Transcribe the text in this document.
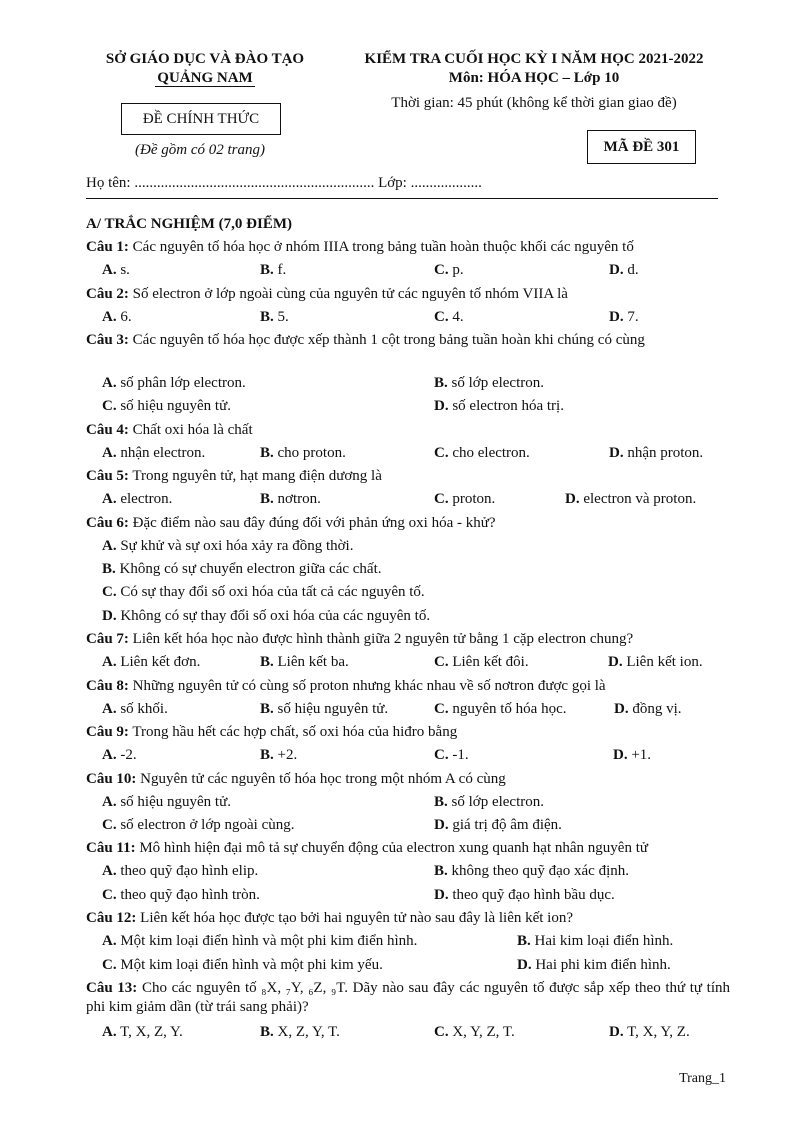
SỞ GIÁO DỤC VÀ ĐÀO TẠO
QUẢNG NAM
KIỂM TRA CUỐI HỌC KỲ I NĂM HỌC 2021-2022
Môn: HÓA HỌC – Lớp 10
Thời gian: 45 phút (không kể thời gian giao đề)
ĐỀ CHÍNH THỨC
(Đề gồm có 02 trang)	MÃ ĐỀ 301
Họ tên: ................................................................ Lớp: ...................
A/ TRẮC NGHIỆM (7,0 ĐIỂM)
Câu 1: Các nguyên tố hóa học ở nhóm IIIA trong bảng tuần hoàn thuộc khối các nguyên tố
A. s.	B. f.	C. p.	D. d.
Câu 2: Số electron ở lớp ngoài cùng của nguyên tử các nguyên tố nhóm VIIA là
A. 6.	B. 5.	C. 4.	D. 7.
Câu 3: Các nguyên tố hóa học được xếp thành 1 cột trong bảng tuần hoàn khi chúng có cùng
A. số phân lớp electron.	B. số lớp electron.
C. số hiệu nguyên tử.	D. số electron hóa trị.
Câu 4: Chất oxi hóa là chất
A. nhận electron.	B. cho proton.	C. cho electron.	D. nhận proton.
Câu 5: Trong nguyên tử, hạt mang điện dương là
A. electron.	B. nơtron.	C. proton.	D. electron và proton.
Câu 6: Đặc điểm nào sau đây đúng đối với phản ứng oxi hóa - khử?
A. Sự khử và sự oxi hóa xảy ra đồng thời.
B. Không có sự chuyển electron giữa các chất.
C. Có sự thay đổi số oxi hóa của tất cả các nguyên tố.
D. Không có sự thay đổi số oxi hóa của các nguyên tố.
Câu 7: Liên kết hóa học nào được hình thành giữa 2 nguyên tử bằng 1 cặp electron chung?
A. Liên kết đơn.	B. Liên kết ba.	C. Liên kết đôi.	D. Liên kết ion.
Câu 8: Những nguyên tử có cùng số proton nhưng khác nhau về số nơtron được gọi là
A. số khối.	B. số hiệu nguyên tử.	C. nguyên tố hóa học.	D. đồng vị.
Câu 9: Trong hầu hết các hợp chất, số oxi hóa của hiđro bằng
A. -2.	B. +2.	C. -1.	D. +1.
Câu 10: Nguyên tử các nguyên tố hóa học trong một nhóm A có cùng
A. số hiệu nguyên tử.	B. số lớp electron.
C. số electron ở lớp ngoài cùng.	D. giá trị độ âm điện.
Câu 11: Mô hình hiện đại mô tả sự chuyển động của electron xung quanh hạt nhân nguyên tử
A. theo quỹ đạo hình elip.	B. không theo quỹ đạo xác định.
C. theo quỹ đạo hình tròn.	D. theo quỹ đạo hình bầu dục.
Câu 12: Liên kết hóa học được tạo bởi hai nguyên tử nào sau đây là liên kết ion?
A. Một kim loại điển hình và một phi kim điển hình.	B. Hai kim loại điển hình.
C. Một kim loại điển hình và một phi kim yếu.	D. Hai phi kim điển hình.
Câu 13: Cho các nguyên tố ₈X, ₇Y, ₆Z, ₉T. Dãy nào sau đây các nguyên tố được sắp xếp theo thứ tự tính phi kim giảm dần (từ trái sang phải)?
A. T, X, Z, Y.	B. X, Z, Y, T.	C. X, Y, Z, T.	D. T, X, Y, Z.
Trang_1
